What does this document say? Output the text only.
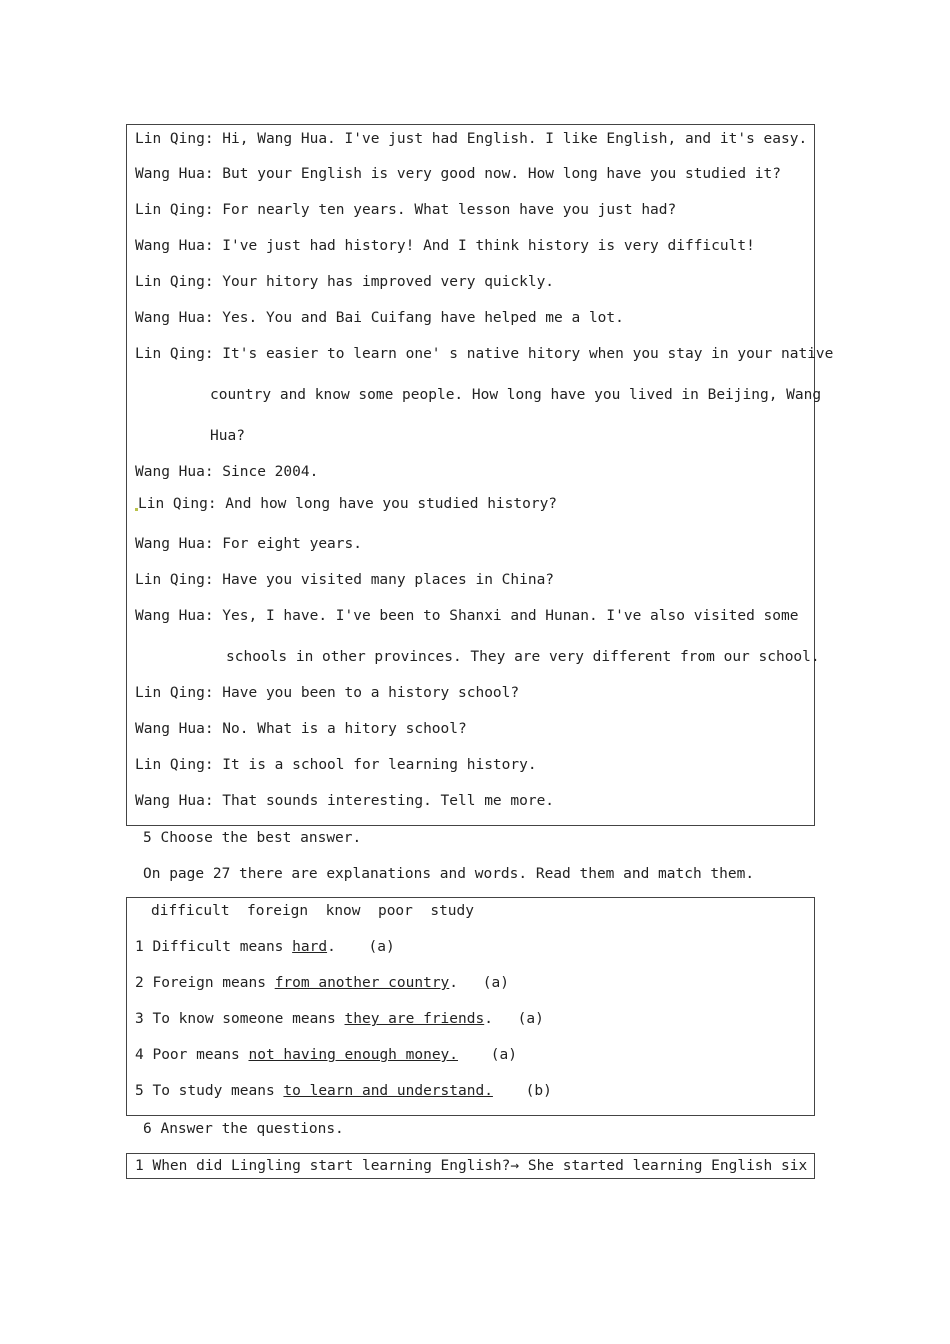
Lin Qing: Hi, Wang Hua. I've just had English. I like English, and it's easy.
Wang Hua: But your English is very good now. How long have you studied it?
Lin Qing: For nearly ten years. What lesson have you just had?
Wang Hua: I've just had history! And I think history is very difficult!
Lin Qing: Your hitory has improved very quickly.
Wang Hua: Yes. You and Bai Cuifang have helped me a lot.
Lin Qing: It's easier to learn one' s native hitory when you stay in your native
country and know some people. How long have you lived in Beijing, Wang
Hua?
Wang Hua: Since 2004.
Lin Qing: And how long have you studied history?
Wang Hua: For eight years.
Lin Qing: Have you visited many places in China?
Wang Hua: Yes, I have. I've been to Shanxi and Hunan. I've also visited some
schools in other provinces. They are very different from our school.
Lin Qing: Have you been to a history school?
Wang Hua: No. What is a hitory school?
Lin Qing: It is a school for learning history.
Wang Hua: That sounds interesting. Tell me more.
5 Choose the best answer.
On page 27 there are explanations and words. Read them and match them.
difficult  foreign  know  poor  study
1 Difficult means hard. (a)
2 Foreign means from another country. (a)
3 To know someone means they are friends. (a)
4 Poor means not having enough money. (a)
5 To study means to learn and understand. (b)
6 Answer the questions.
1 When did Lingling start learning English?→ She started learning English six
